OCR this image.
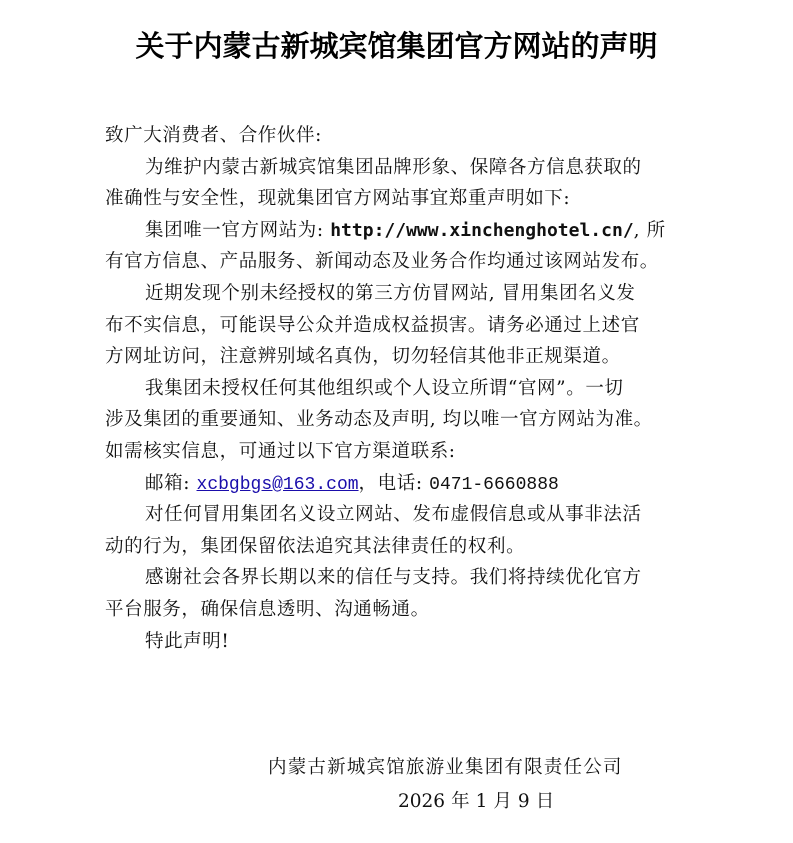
关于内蒙古新城宾馆集团官方网站的声明
致广大消费者、合作伙伴:
为维护内蒙古新城宾馆集团品牌形象、保障各方信息获取的
准确性与安全性，现就集团官方网站事宜郑重声明如下:
集团唯一官方网站为: http://www.xinchenghotel.cn/, 所
有官方信息、产品服务、新闻动态及业务合作均通过该网站发布。
近期发现个别未经授权的第三方仿冒网站, 冒用集团名义发
布不实信息，可能误导公众并造成权益损害。请务必通过上述官
方网址访问，注意辨别域名真伪，切勿轻信其他非正规渠道。
我集团未授权任何其他组织或个人设立所谓“官网”。一切
涉及集团的重要通知、业务动态及声明, 均以唯一官方网站为准。
如需核实信息，可通过以下官方渠道联系:
邮箱: xcbgbgs@163.com，电话: 0471-6660888
对任何冒用集团名义设立网站、发布虚假信息或从事非法活
动的行为，集团保留依法追究其法律责任的权利。
感谢社会各界长期以来的信任与支持。我们将持续优化官方
平台服务，确保信息透明、沟通畅通。
特此声明!
内蒙古新城宾馆旅游业集团有限责任公司
2026 年 1 月 9 日
